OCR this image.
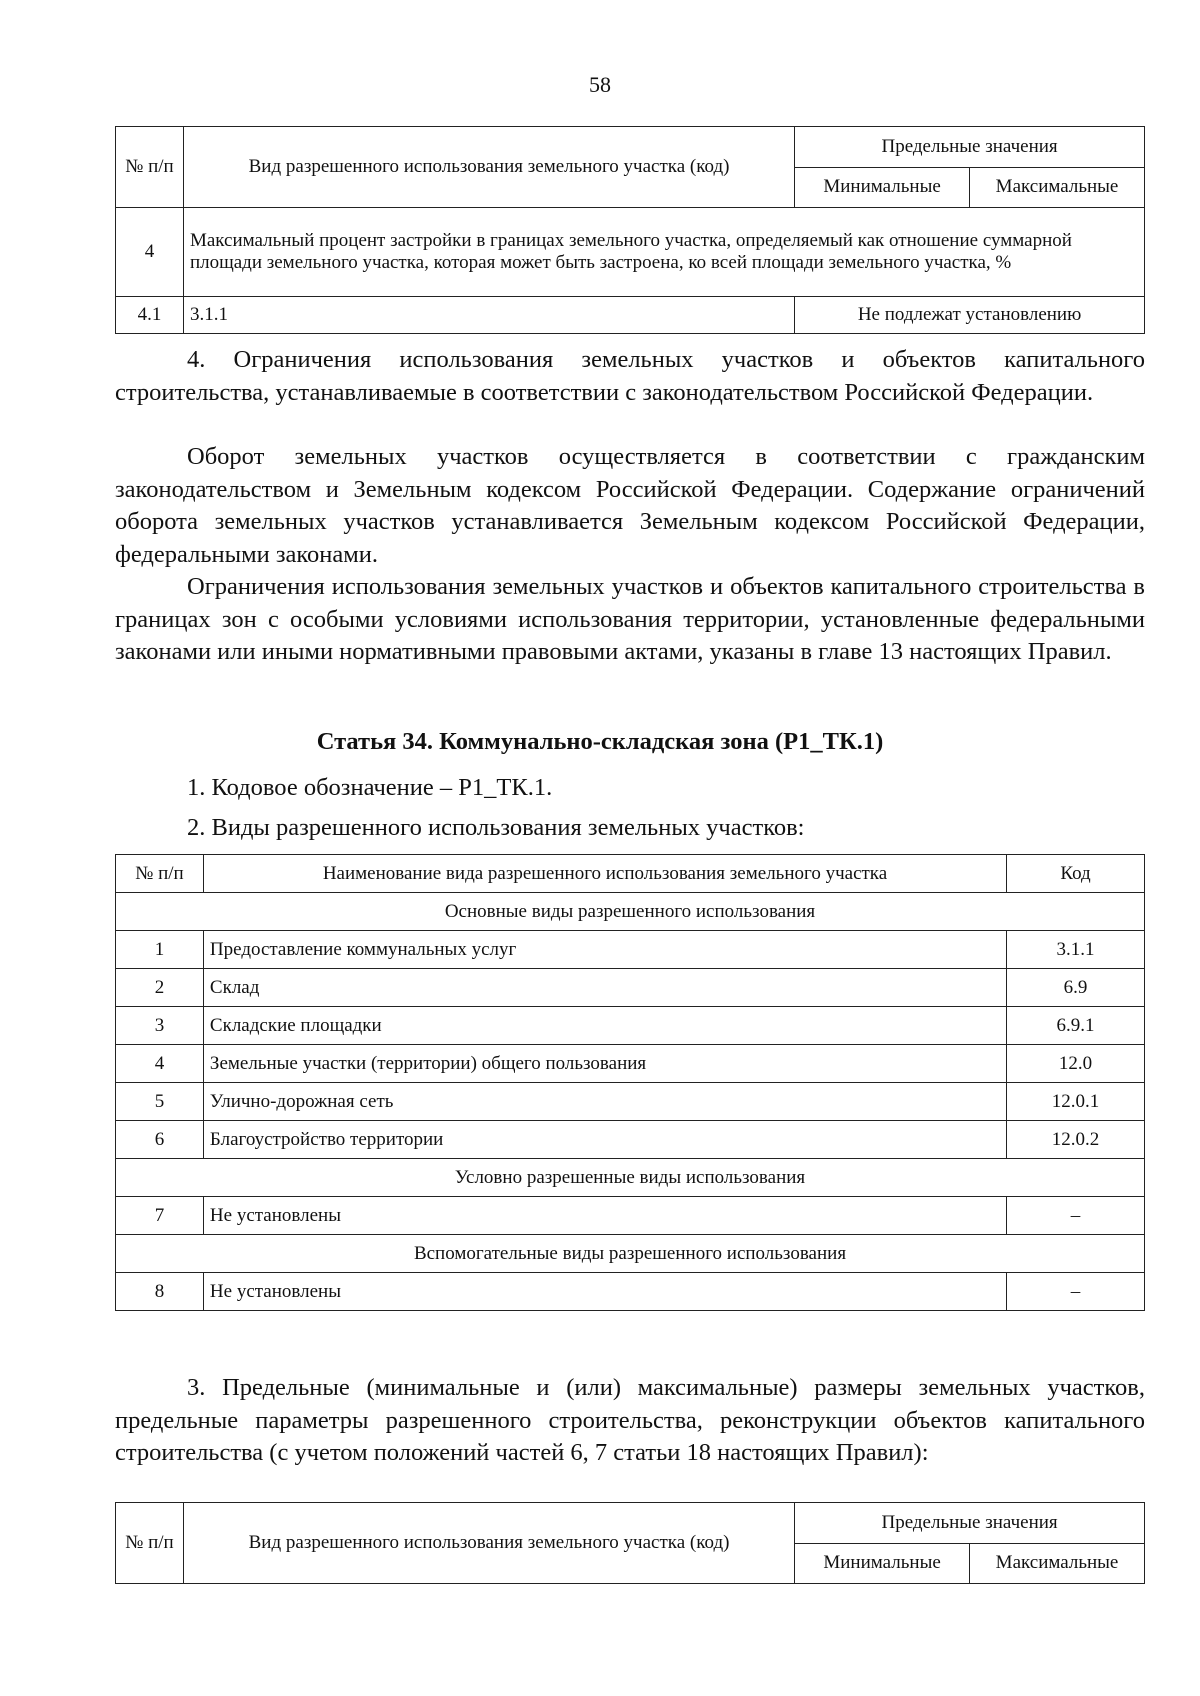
58
№ п/п	Вид разрешенного использования земельного участка (код)	Предельные значения	
		Минимальные	Максимальные
4	Максимальный процент застройки в границах земельного участка, определяемый как отношение суммарной площади земельного участка, которая может быть застроена, ко всей площади земельного участка, %		
4.1	3.1.1	Не подлежат установлению	

4. Ограничения использования земельных участков и объектов капитального строительства, устанавливаемые в соответствии с законодательством Российской Федерации.

Оборот земельных участков осуществляется в соответствии с гражданским законодательством и Земельным кодексом Российской Федерации. Содержание ограничений оборота земельных участков устанавливается Земельным кодексом Российской Федерации, федеральными законами.

Ограничения использования земельных участков и объектов капитального строительства в границах зон с особыми условиями использования территории, установленные федеральными законами или иными нормативными правовыми актами, указаны в главе 13 настоящих Правил.

Статья 34. Коммунально-складская зона (Р1_ТК.1)

1. Кодовое обозначение – Р1_ТК.1.

2. Виды разрешенного использования земельных участков:

№ п/п	Наименование вида разрешенного использования земельного участка	Код
Основные виды разрешенного использования		
1	Предоставление коммунальных услуг	3.1.1
2	Склад	6.9
3	Складские площадки	6.9.1
4	Земельные участки (территории) общего пользования	12.0
5	Улично-дорожная сеть	12.0.1
6	Благоустройство территории	12.0.2
Условно разрешенные виды использования		
7	Не установлены	–
Вспомогательные виды разрешенного использования		
8	Не установлены	–

3. Предельные (минимальные и (или) максимальные) размеры земельных участков, предельные параметры разрешенного строительства, реконструкции объектов капитального строительства (с учетом положений частей 6, 7 статьи 18 настоящих Правил):

№ п/п	Вид разрешенного использования земельного участка (код)	Предельные значения	
		Минимальные	Максимальные
